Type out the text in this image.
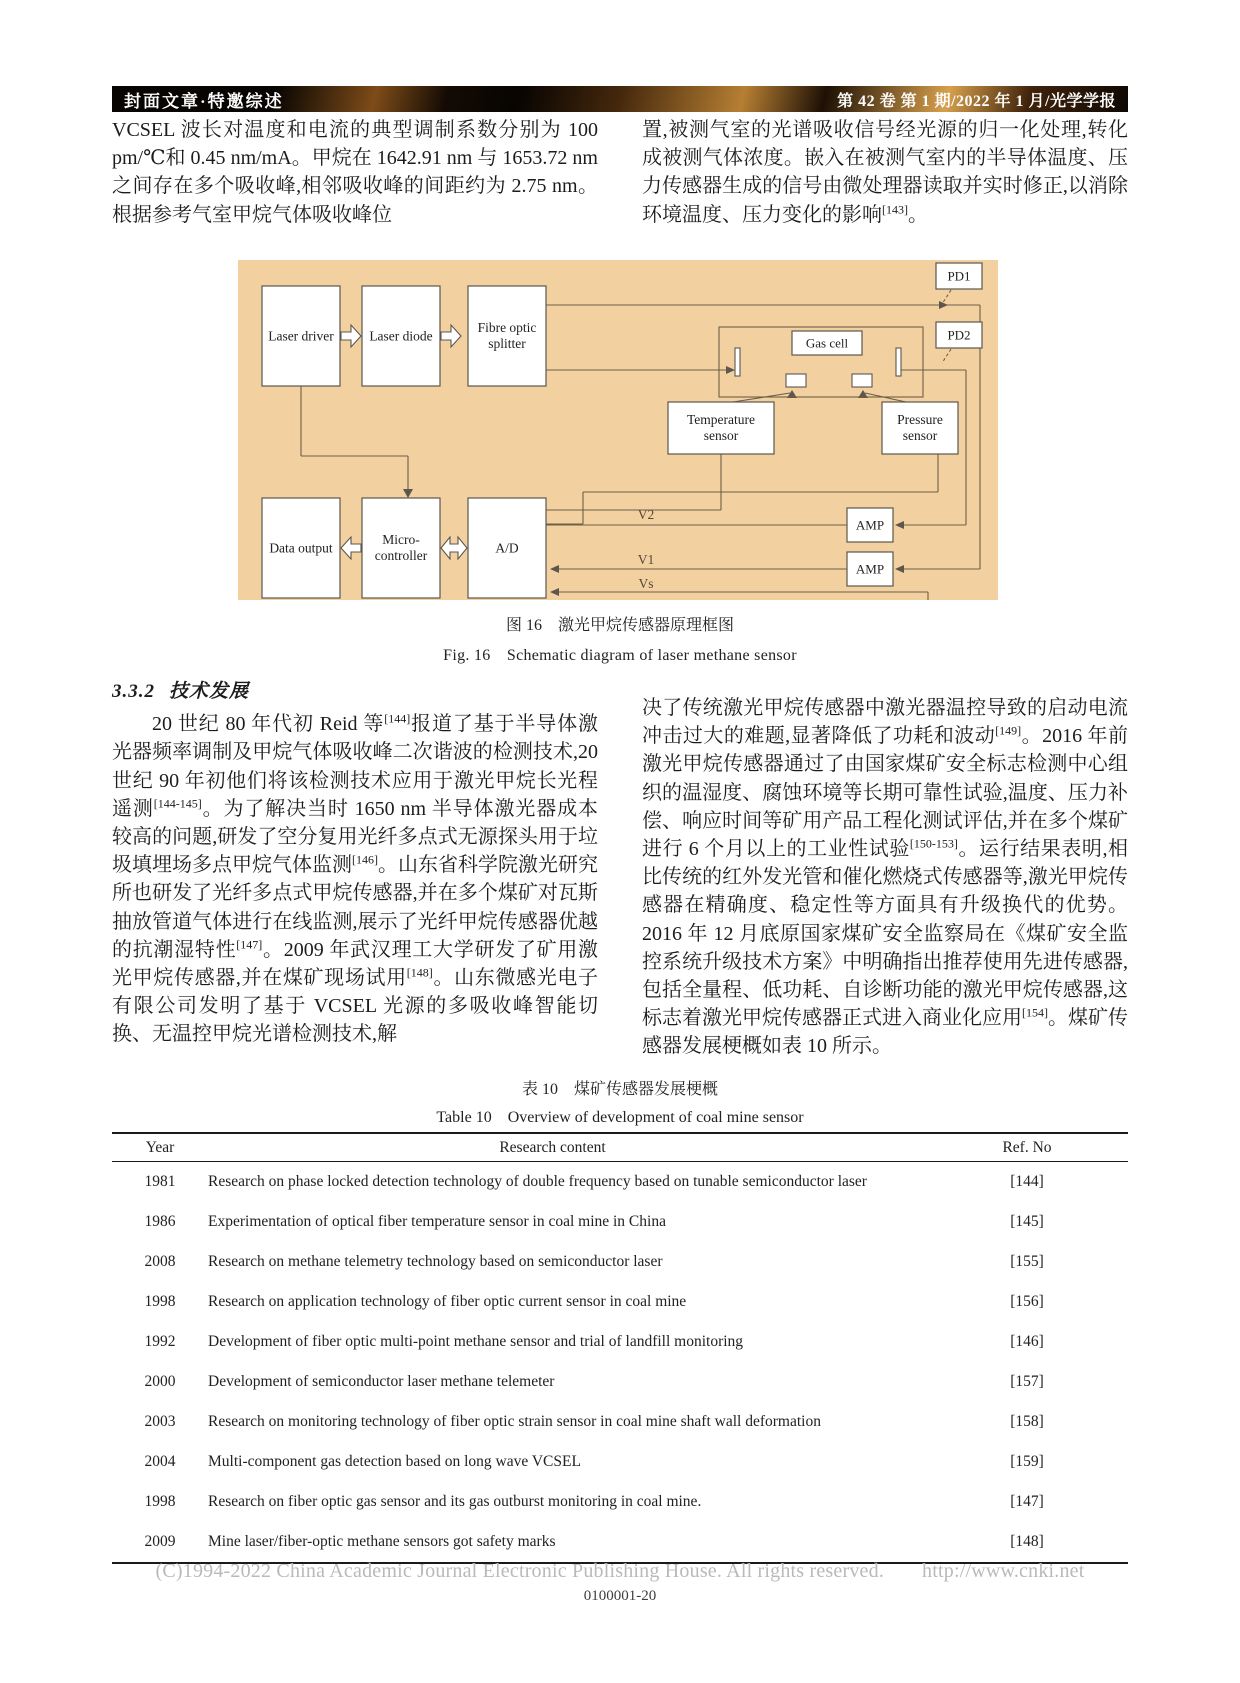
封面文章·特邀综述	第 42 卷 第 1 期/2022 年 1 月/光学学报

VCSEL 波长对温度和电流的典型调制系数分别为 100 pm/℃和 0.45 nm/mA。甲烷在 1642.91 nm 与 1653.72 nm 之间存在多个吸收峰,相邻吸收峰的间距约为 2.75 nm。根据参考气室甲烷气体吸收峰位

置,被测气室的光谱吸收信号经光源的归一化处理,转化成被测气体浓度。嵌入在被测气室内的半导体温度、压力传感器生成的信号由微处理器读取并实时修正,以消除环境温度、压力变化的影响[143]。

Laser driver	Laser diode
Fibre optic
splitter	Gas cell
Temperature
sensor
Pressure
sensor
PD1
PD2
AMP
AMP
A/D
Micro-
controller
Data output
V2
V1
Vs
图 16　激光甲烷传感器原理框图
Fig. 16　Schematic diagram of laser methane sensor
3.3.2 技术发展

20 世纪 80 年代初 Reid 等[144]报道了基于半导体激光器频率调制及甲烷气体吸收峰二次谐波的检测技术,20 世纪 90 年初他们将该检测技术应用于激光甲烷长光程遥测[144-145]。为了解决当时 1650 nm 半导体激光器成本较高的问题,研发了空分复用光纤多点式无源探头用于垃圾填埋场多点甲烷气体监测[146]。山东省科学院激光研究所也研发了光纤多点式甲烷传感器,并在多个煤矿对瓦斯抽放管道气体进行在线监测,展示了光纤甲烷传感器优越的抗潮湿特性[147]。2009 年武汉理工大学研发了矿用激光甲烷传感器,并在煤矿现场试用[148]。山东微感光电子有限公司发明了基于 VCSEL 光源的多吸收峰智能切换、无温控甲烷光谱检测技术,解

决了传统激光甲烷传感器中激光器温控导致的启动电流冲击过大的难题,显著降低了功耗和波动[149]。2016 年前激光甲烷传感器通过了由国家煤矿安全标志检测中心组织的温湿度、腐蚀环境等长期可靠性试验,温度、压力补偿、响应时间等矿用产品工程化测试评估,并在多个煤矿进行 6 个月以上的工业性试验[150-153]。运行结果表明,相比传统的红外发光管和催化燃烧式传感器等,激光甲烷传感器在精确度、稳定性等方面具有升级换代的优势。2016 年 12 月底原国家煤矿安全监察局在《煤矿安全监控系统升级技术方案》中明确指出推荐使用先进传感器,包括全量程、低功耗、自诊断功能的激光甲烷传感器,这标志着激光甲烷传感器正式进入商业化应用[154]。煤矿传感器发展梗概如表 10 所示。

表 10　煤矿传感器发展梗概
Table 10　Overview of development of coal mine sensor
Year	Research content	Ref. No
1981	Research on phase locked detection technology of double frequency based on tunable semiconductor laser	[144]
1986	Experimentation of optical fiber temperature sensor in coal mine in China	[145]
2008	Research on methane telemetry technology based on semiconductor laser	[155]
1998	Research on application technology of fiber optic current sensor in coal mine	[156]
1992	Development of fiber optic multi-point methane sensor and trial of landfill monitoring	[146]
2000	Development of semiconductor laser methane telemeter	[157]
2003	Research on monitoring technology of fiber optic strain sensor in coal mine shaft wall deformation	[158]
2004	Multi-component gas detection based on long wave VCSEL	[159]
1998	Research on fiber optic gas sensor and its gas outburst monitoring in coal mine.	[147]
2009	Mine laser/fiber-optic methane sensors got safety marks	[148]
(C)1994-2022 China Academic Journal Electronic Publishing House. All rights reserved. http://www.cnki.net
0100001-20
